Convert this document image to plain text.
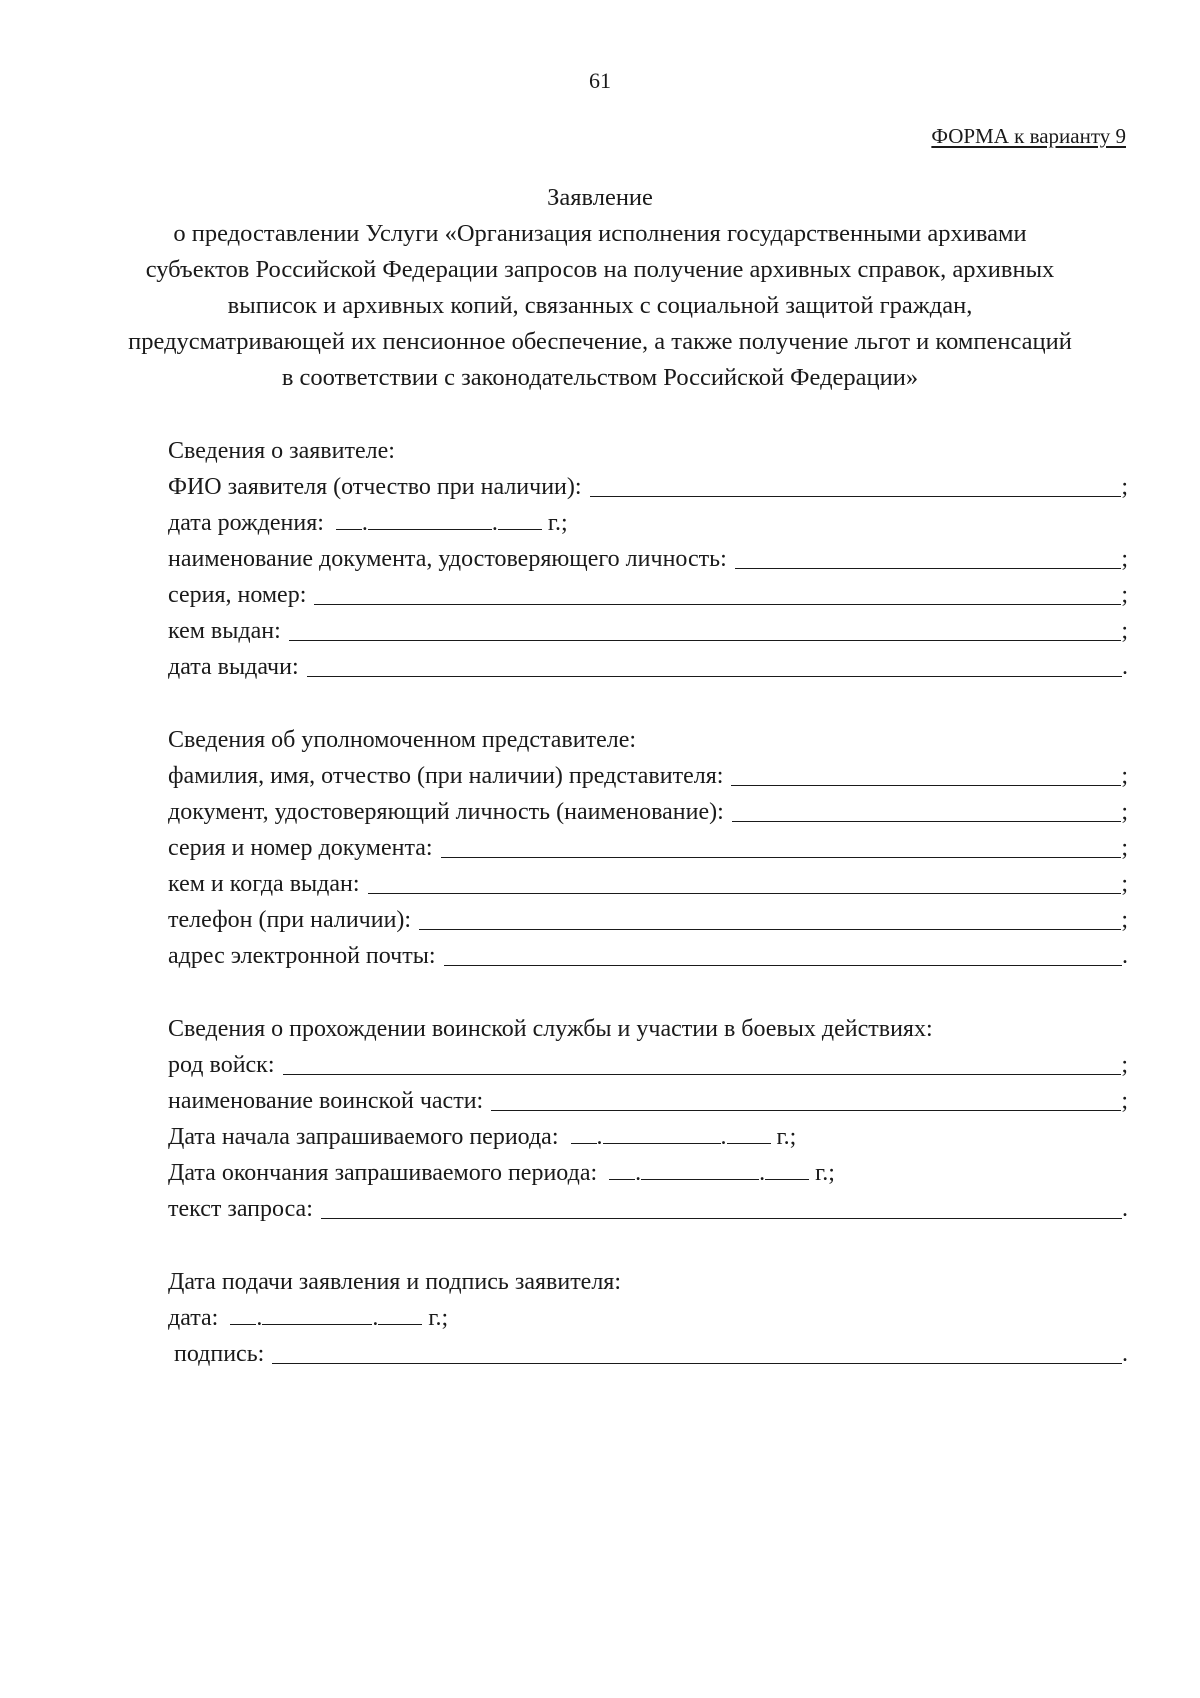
61
ФОРМА к варианту 9
Заявление
о предоставлении Услуги «Организация исполнения государственными архивами
субъектов Российской Федерации запросов на получение архивных справок, архивных
выписок и архивных копий, связанных с социальной защитой граждан,
предусматривающей их пенсионное обеспечение, а также получение льгот и компенсаций
в соответствии с законодательством Российской Федерации»
Сведения о заявителе:
ФИО заявителя (отчество при наличии):	;
дата рождения: .	. г.;
наименование документа, удостоверяющего личность:	;
серия, номер:	;
кем выдан:	;
дата выдачи:	.
Сведения об уполномоченном представителе:
фамилия, имя, отчество (при наличии) представителя:	;
документ, удостоверяющий личность (наименование):	;
серия и номер документа:	;
кем и когда выдан:	;
телефон (при наличии):	;
адрес электронной почты:	.
Сведения о прохождении воинской службы и участии в боевых действиях:
род войск:	;
наименование воинской части:	;
Дата начала запрашиваемого периода: .	. г.;
Дата окончания запрашиваемого периода: .	. г.;
текст запроса:	.
Дата подачи заявления и подпись заявителя:
дата: .	. г.;
подпись:	.
